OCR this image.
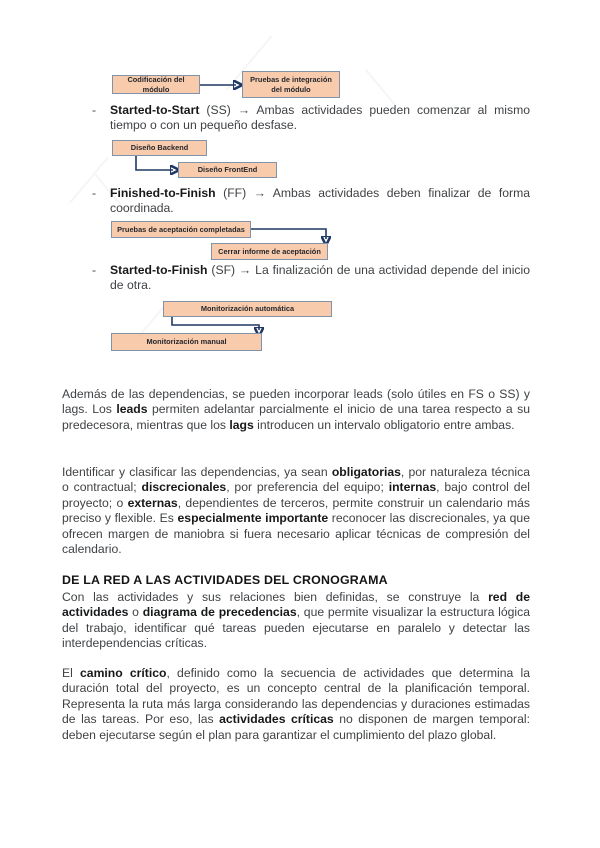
Codificación del módulo
Pruebas de integración del módulo
-	Started-to-Start (SS) → Ambas actividades pueden comenzar al mismo tiempo o con un pequeño desfase.

Diseño Backend
Diseño FrontEnd
-	Finished-to-Finish (FF) → Ambas actividades deben finalizar de forma coordinada.

Pruebas de aceptación completadas
Cerrar informe de aceptación
-	Started-to-Finish (SF) → La finalización de una actividad depende del inicio de otra.

Monitorización automática
Monitorización manual

Además de las dependencias, se pueden incorporar leads (solo útiles en FS o SS) y lags. Los leads permiten adelantar parcialmente el inicio de una tarea respecto a su predecesora, mientras que los lags introducen un intervalo obligatorio entre ambas.

Identificar y clasificar las dependencias, ya sean obligatorias, por naturaleza técnica o contractual; discrecionales, por preferencia del equipo; internas, bajo control del proyecto; o externas, dependientes de terceros, permite construir un calendario más preciso y flexible. Es especialmente importante reconocer las discrecionales, ya que ofrecen margen de maniobra si fuera necesario aplicar técnicas de compresión del calendario.

DE LA RED A LAS ACTIVIDADES DEL CRONOGRAMA

Con las actividades y sus relaciones bien definidas, se construye la red de actividades o diagrama de precedencias, que permite visualizar la estructura lógica del trabajo, identificar qué tareas pueden ejecutarse en paralelo y detectar las interdependencias críticas.

El camino crítico, definido como la secuencia de actividades que determina la duración total del proyecto, es un concepto central de la planificación temporal. Representa la ruta más larga considerando las dependencias y duraciones estimadas de las tareas. Por eso, las actividades críticas no disponen de margen temporal: deben ejecutarse según el plan para garantizar el cumplimiento del plazo global.
